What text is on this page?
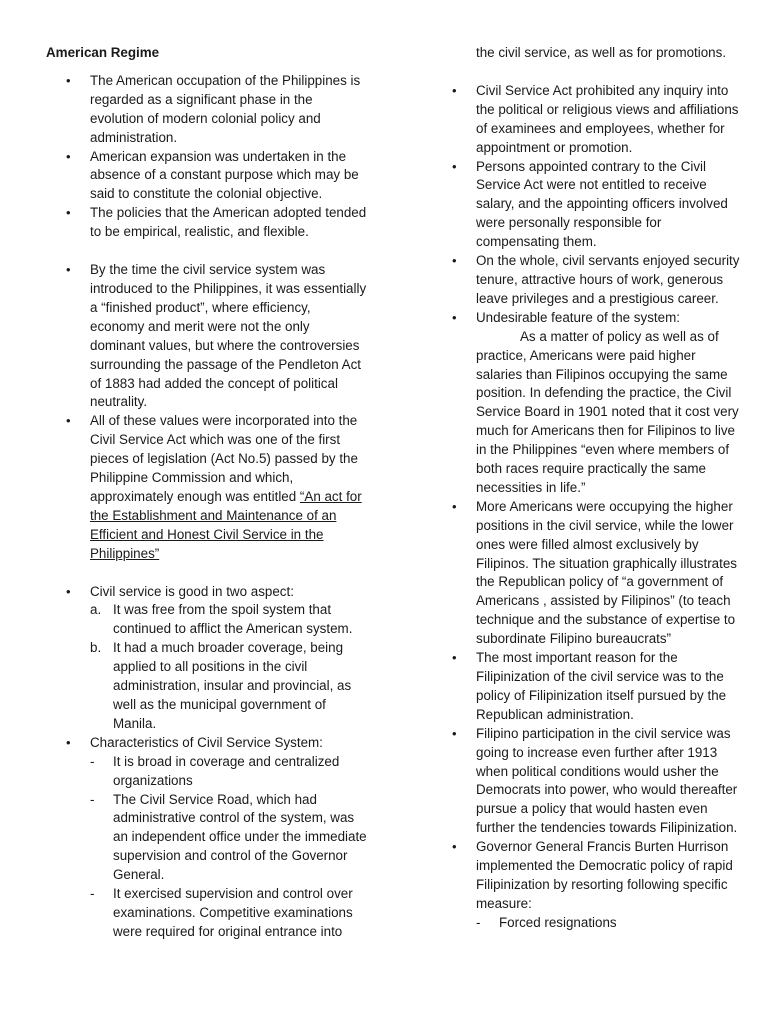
American Regime
• The American occupation of the Philippines is regarded as a significant phase in the evolution of modern colonial policy and administration.
• American expansion was undertaken in the absence of a constant purpose which may be said to constitute the colonial objective.
• The policies that the American adopted tended to be empirical, realistic, and flexible.
• By the time the civil service system was introduced to the Philippines, it was essentially a “finished product”, where efficiency, economy and merit were not the only dominant values, but where the controversies surrounding the passage of the Pendleton Act of 1883 had added the concept of political neutrality.
• All of these values were incorporated into the Civil Service Act which was one of the first pieces of legislation (Act No.5) passed by the Philippine Commission and which, approximately enough was entitled “An act for the Establishment and Maintenance of an Efficient and Honest Civil Service in the Philippines”
• Civil service is good in two aspect:
a. It was free from the spoil system that continued to afflict the American system.
b. It had a much broader coverage, being applied to all positions in the civil administration, insular and provincial, as well as the municipal government of Manila.
• Characteristics of Civil Service System:
- It is broad in coverage and centralized organizations
- The Civil Service Road, which had administrative control of the system, was an independent office under the immediate supervision and control of the Governor General.
- It exercised supervision and control over examinations. Competitive examinations were required for original entrance into
the civil service, as well as for promotions.
• Civil Service Act prohibited any inquiry into the political or religious views and affiliations of examinees and employees, whether for appointment or promotion.
• Persons appointed contrary to the Civil Service Act were not entitled to receive salary, and the appointing officers involved were personally responsible for compensating them.
• On the whole, civil servants enjoyed security tenure, attractive hours of work, generous leave privileges and a prestigious career.
• Undesirable feature of the system:
As a matter of policy as well as of practice, Americans were paid higher salaries than Filipinos occupying the same position. In defending the practice, the Civil Service Board in 1901 noted that it cost very much for Americans then for Filipinos to live in the Philippines “even where members of both races require practically the same necessities in life.”
• More Americans were occupying the higher positions in the civil service, while the lower ones were filled almost exclusively by Filipinos. The situation graphically illustrates the Republican policy of “a government of Americans , assisted by Filipinos” (to teach technique and the substance of expertise to subordinate Filipino bureaucrats”
• The most important reason for the Filipinization of the civil service was to the policy of Filipinization itself pursued by the Republican administration.
• Filipino participation in the civil service was going to increase even further after 1913 when political conditions would usher the Democrats into power, who would thereafter pursue a policy that would hasten even further the tendencies towards Filipinization.
• Governor General Francis Burten Hurrison implemented the Democratic policy of rapid Filipinization by resorting following specific measure:
- Forced resignations
